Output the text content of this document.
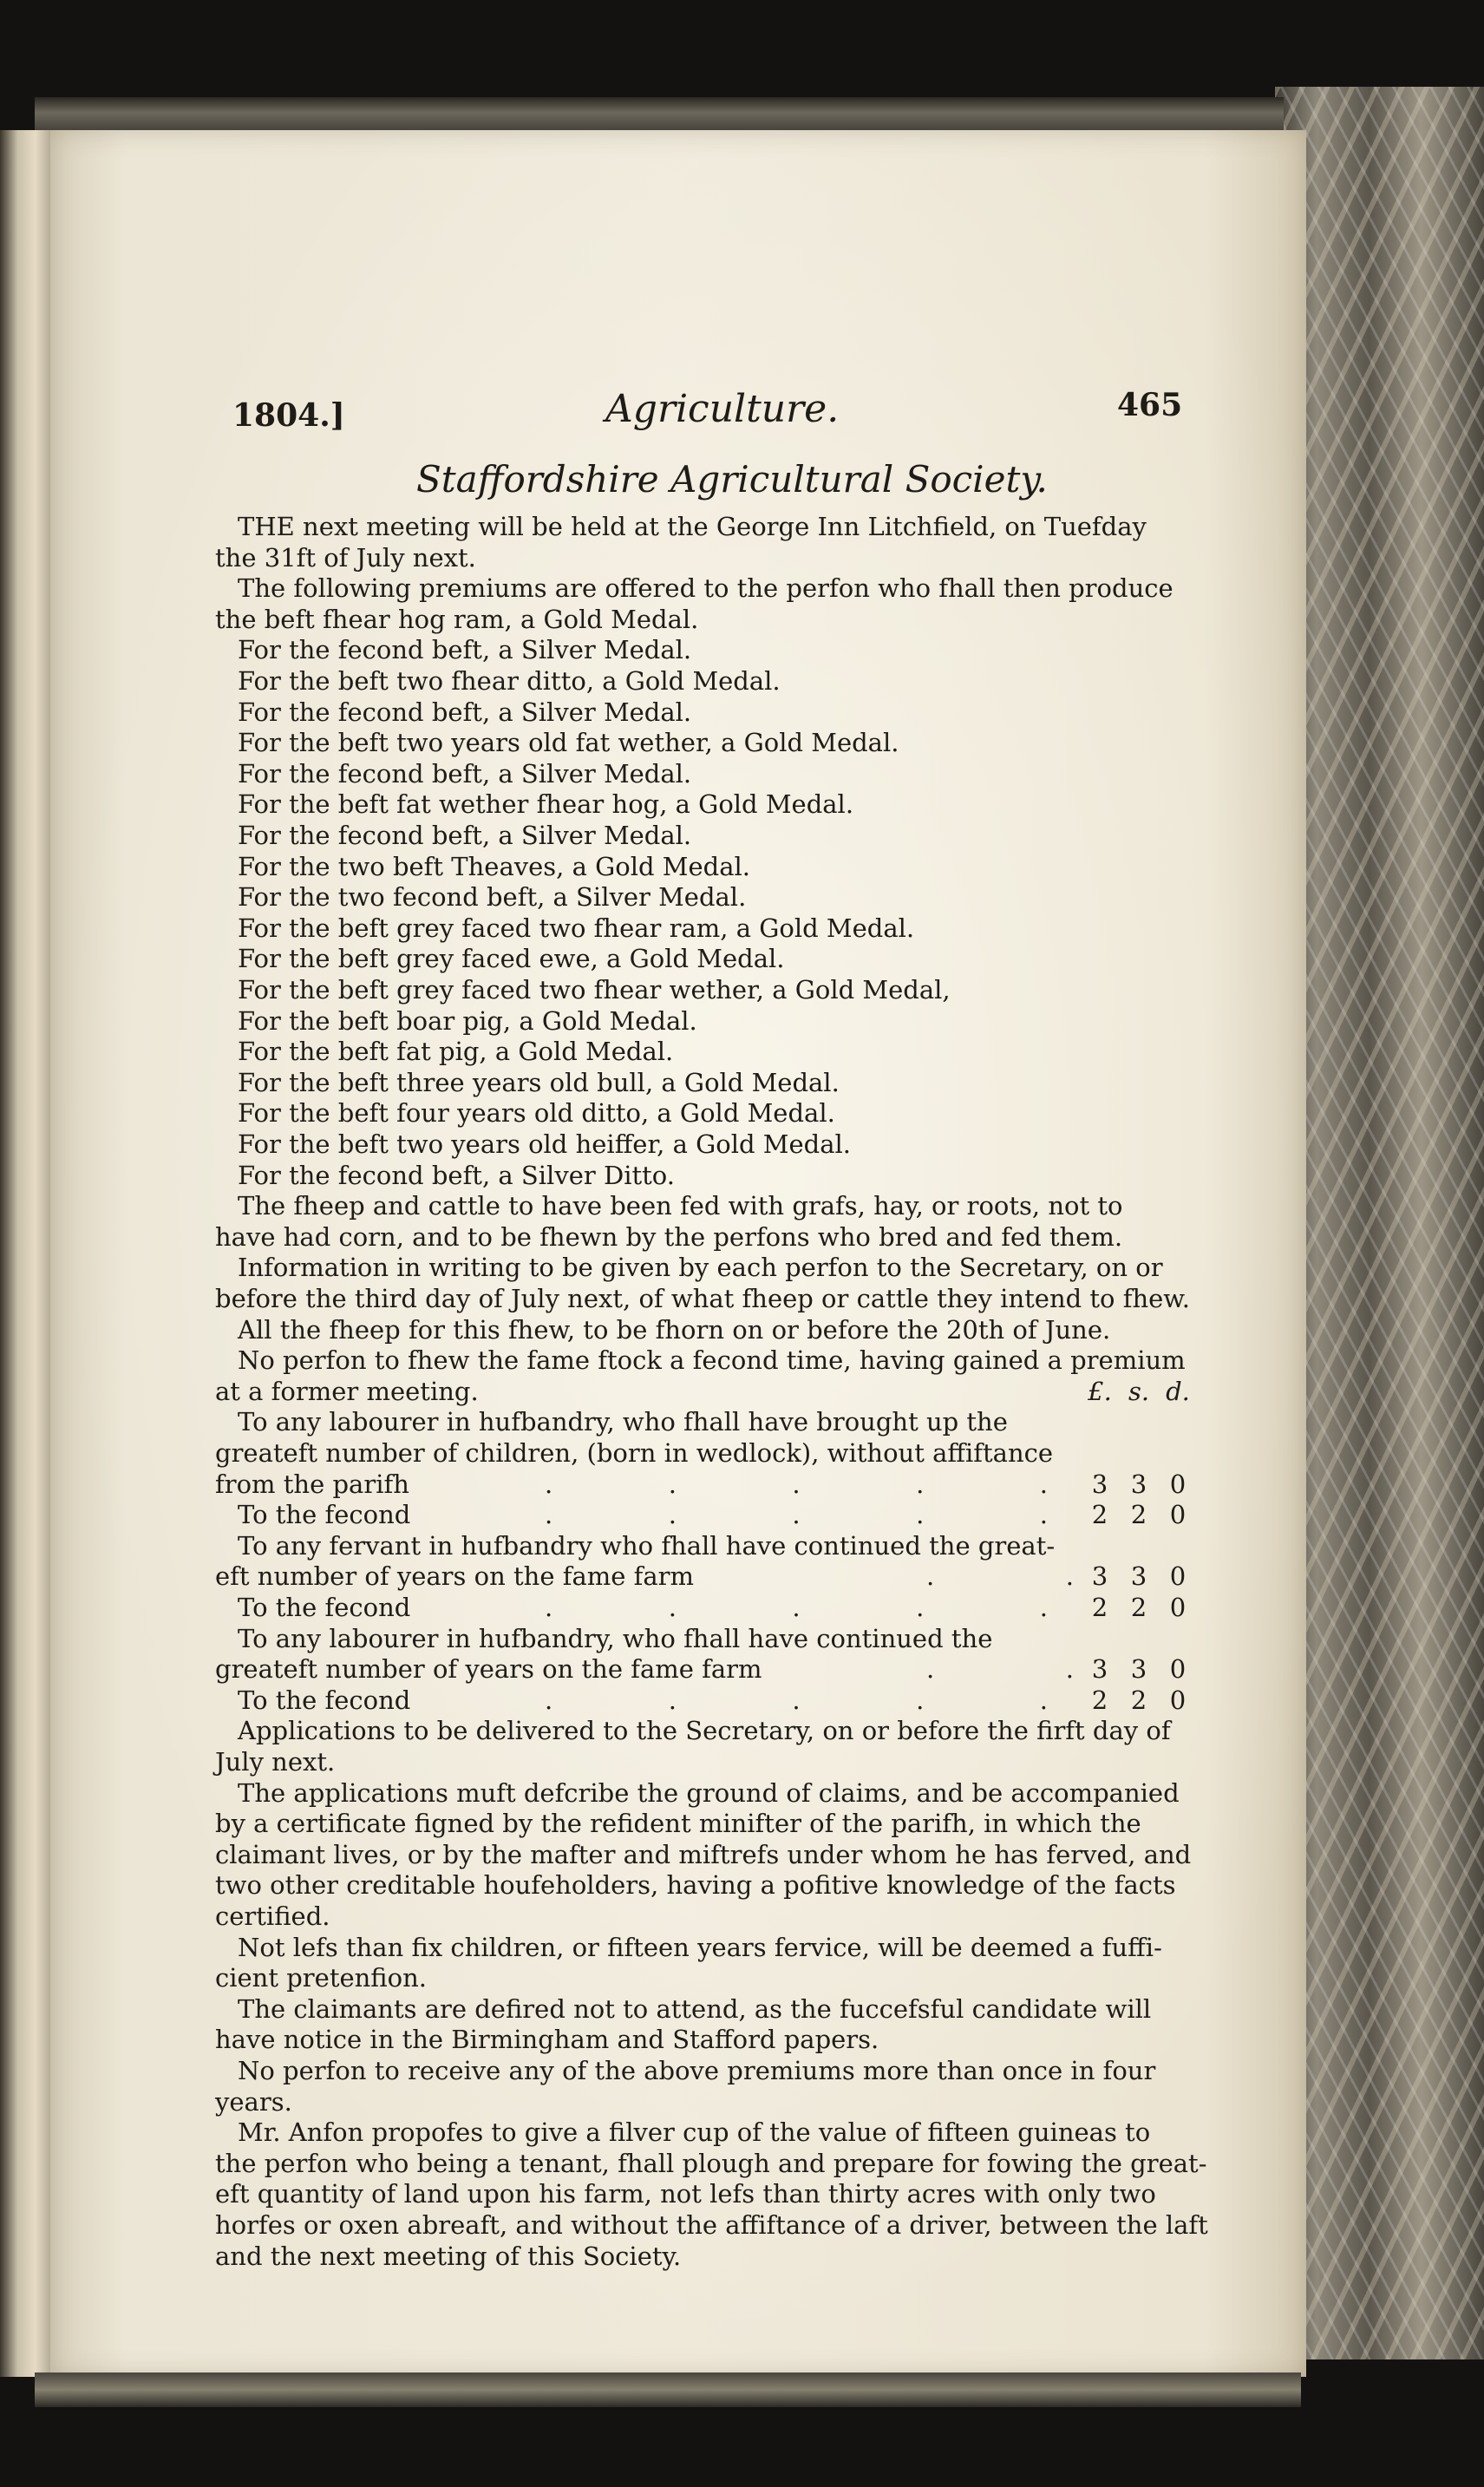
1804.]	Agriculture.	465
Staffordshire Agricultural Society.
THE next meeting will be held at the George Inn Litchfield, on Tuefday
the 31ft of July next.
The following premiums are offered to the perfon who fhall then produce
the beft fhear hog ram, a Gold Medal.
For the fecond beft, a Silver Medal.
For the beft two fhear ditto, a Gold Medal.
For the fecond beft, a Silver Medal.
For the beft two years old fat wether, a Gold Medal.
For the fecond beft, a Silver Medal.
For the beft fat wether fhear hog, a Gold Medal.
For the fecond beft, a Silver Medal.
For the two beft Theaves, a Gold Medal.
For the two fecond beft, a Silver Medal.
For the beft grey faced two fhear ram, a Gold Medal.
For the beft grey faced ewe, a Gold Medal.
For the beft grey faced two fhear wether, a Gold Medal,
For the beft boar pig, a Gold Medal.
For the beft fat pig, a Gold Medal.
For the beft three years old bull, a Gold Medal.
For the beft four years old ditto, a Gold Medal.
For the beft two years old heiffer, a Gold Medal.
For the fecond beft, a Silver Ditto.
The fheep and cattle to have been fed with grafs, hay, or roots, not to
have had corn, and to be fhewn by the perfons who bred and fed them.
Information in writing to be given by each perfon to the Secretary, on or
before the third day of July next, of what fheep or cattle they intend to fhew.
All the fheep for this fhew, to be fhorn on or before the 20th of June.
No perfon to fhew the fame ftock a fecond time, having gained a premium
at a former meeting.	£. s. d.
To any labourer in hufbandry, who fhall have brought up the
greateft number of children, (born in wedlock), without affiftance
from the parifh	.	.	.	.	.	3 3 0
To the fecond	.	.	.	.	.	2 2 0
To any fervant in hufbandry who fhall have continued the great-
eft number of years on the fame farm	.	. 3 3 0
To the fecond	.	.	.	.	.	2 2 0
To any labourer in hufbandry, who fhall have continued the
greateft number of years on the fame farm	.	. 3 3 0
To the fecond	.	.	.	.	.	2 2 0
Applications to be delivered to the Secretary, on or before the firft day of
July next.
The applications muft defcribe the ground of claims, and be accompanied
by a certificate figned by the refident minifter of the parifh, in which the
claimant lives, or by the mafter and miftrefs under whom he has ferved, and
two other creditable houfeholders, having a pofitive knowledge of the facts
certified.
Not lefs than fix children, or fifteen years fervice, will be deemed a fuffi-
cient pretenfion.
The claimants are defired not to attend, as the fuccefsful candidate will
have notice in the Birmingham and Stafford papers.
No perfon to receive any of the above premiums more than once in four
years.
Mr. Anfon propofes to give a filver cup of the value of fifteen guineas to
the perfon who being a tenant, fhall plough and prepare for fowing the great-
eft quantity of land upon his farm, not lefs than thirty acres with only two
horfes or oxen abreaft, and without the affiftance of a driver, between the laft
and the next meeting of this Society.
